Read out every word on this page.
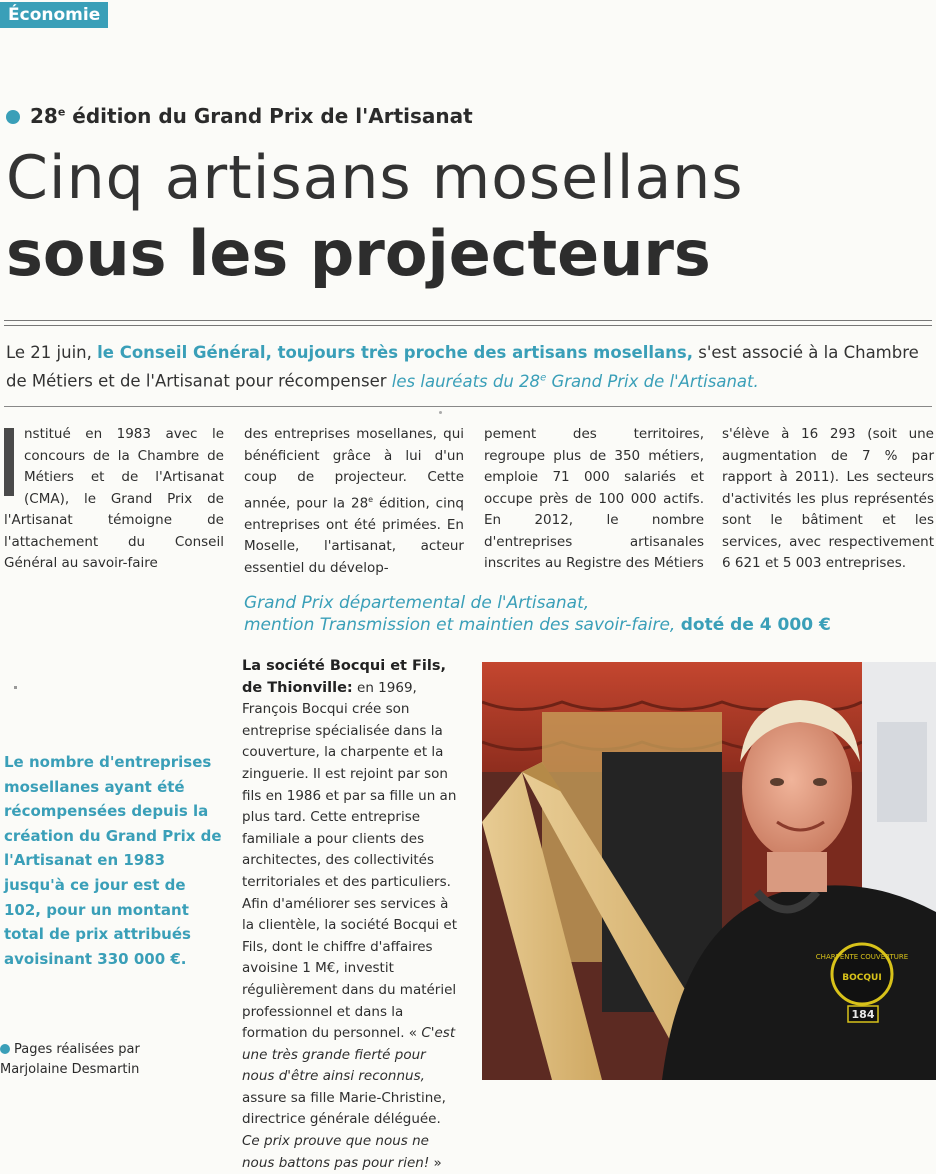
Économie
28e édition du Grand Prix de l'Artisanat
Cinq artisans mosellans
sous les projecteurs
Le 21 juin, le Conseil Général, toujours très proche des artisans mosellans, s'est associé à la Chambre de Métiers et de l'Artisanat pour récompenser les lauréats du 28e Grand Prix de l'Artisanat.
nstitué en 1983 avec le concours de la Chambre de Métiers et de l'Artisanat (CMA), le Grand Prix de l'Artisanat témoigne de l'attachement du Conseil Général au savoir-faire
des entreprises mosellanes, qui bénéficient grâce à lui d'un coup de projecteur. Cette année, pour la 28e édition, cinq entreprises ont été primées. En Moselle, l'artisanat, acteur essentiel du dévelop-
pement des territoires, regroupe plus de 350 métiers, emploie 71 000 salariés et occupe près de 100 000 actifs. En 2012, le nombre d'entreprises artisanales inscrites au Registre des Métiers
s'élève à 16 293 (soit une augmentation de 7 % par rapport à 2011). Les secteurs d'activités les plus représentés sont le bâtiment et les services, avec respectivement 6 621 et 5 003 entreprises.
Grand Prix départemental de l'Artisanat,
mention Transmission et maintien des savoir-faire, doté de 4 000 €
Le nombre d'entreprises mosellanes ayant été récompensées depuis la création du Grand Prix de l'Artisanat en 1983 jusqu'à ce jour est de 102, pour un montant total de prix attribués avoisinant 330 000 €.
La société Bocqui et Fils, de Thionville: en 1969, François Bocqui crée son entreprise spécialisée dans la couverture, la charpente et la zinguerie. Il est rejoint par son fils en 1986 et par sa fille un an plus tard. Cette entreprise familiale a pour clients des architectes, des collectivités territoriales et des particuliers. Afin d'améliorer ses services à la clientèle, la société Bocqui et Fils, dont le chiffre d'affaires avoisine 1 M€, investit régulièrement dans du matériel professionnel et dans la formation du personnel. « C'est une très grande fierté pour nous d'être ainsi reconnus, assure sa fille Marie-Christine, directrice générale déléguée. Ce prix prouve que nous ne nous battons pas pour rien! »
Pages réalisées par
Marjolaine Desmartin
CHARPENTE COUVERTURE
BOCQUI
184
